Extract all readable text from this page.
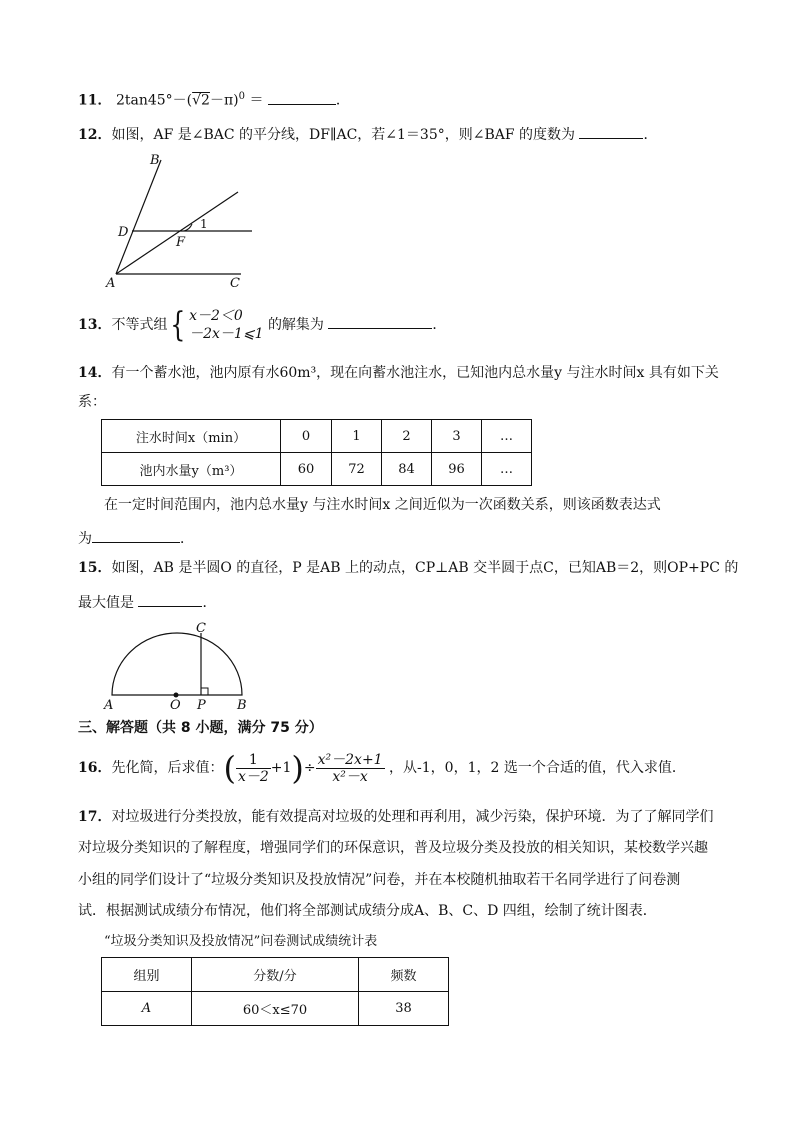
11． $2\tan 45^\circ-(√2-\pi)^0$ ＝	．
12．如图，AF 是∠BAC 的平分线，DF∥AC，若∠1＝35°，则∠BAF 的度数为	．
B
D
F
1
A	C
13．不等式组{ x－2＜0
－2x－1⩽1
的解集为	．
14．有一个蓄水池，池内原有水60m³，现在向蓄水池注水，已知池内总水量y 与注水时间x 具有如下关
系：
注水时间x（min）	0	1	2	3	…
池内水量y（m³）	60	72	84	96	…
在一定时间范围内，池内总水量y 与注水时间x 之间近似为一次函数关系，则该函数表达式
为	．
15．如图，AB 是半圆O 的直径，P 是AB 上的动点，CP⊥AB 交半圆于点C，已知AB＝2，则OP+PC 的
最大值是	．
C
A	O P B
三、解答题（共 8 小题，满分 75 分）
16．先化简，后求值：( $\frac{1}{x-2} +1)\div \frac{\text{x²－2x+1}}{\text{x²－x}}$ ，从-1，0，1，2 选一个合适的值，代入求值．
17．对垃圾进行分类投放，能有效提高对垃圾的处理和再利用，减少污染，保护环境．为了了解同学们
对垃圾分类知识的了解程度，增强同学们的环保意识，普及垃圾分类及投放的相关知识，某校数学兴趣
小组的同学们设计了“垃圾分类知识及投放情况”问卷，并在本校随机抽取若干名同学进行了问卷测
试．根据测试成绩分布情况，他们将全部测试成绩分成A、B、C、D 四组，绘制了统计图表．
“垃圾分类知识及投放情况”问卷测试成绩统计表
组别	分数/分	频数
A	60＜x≤70	38
